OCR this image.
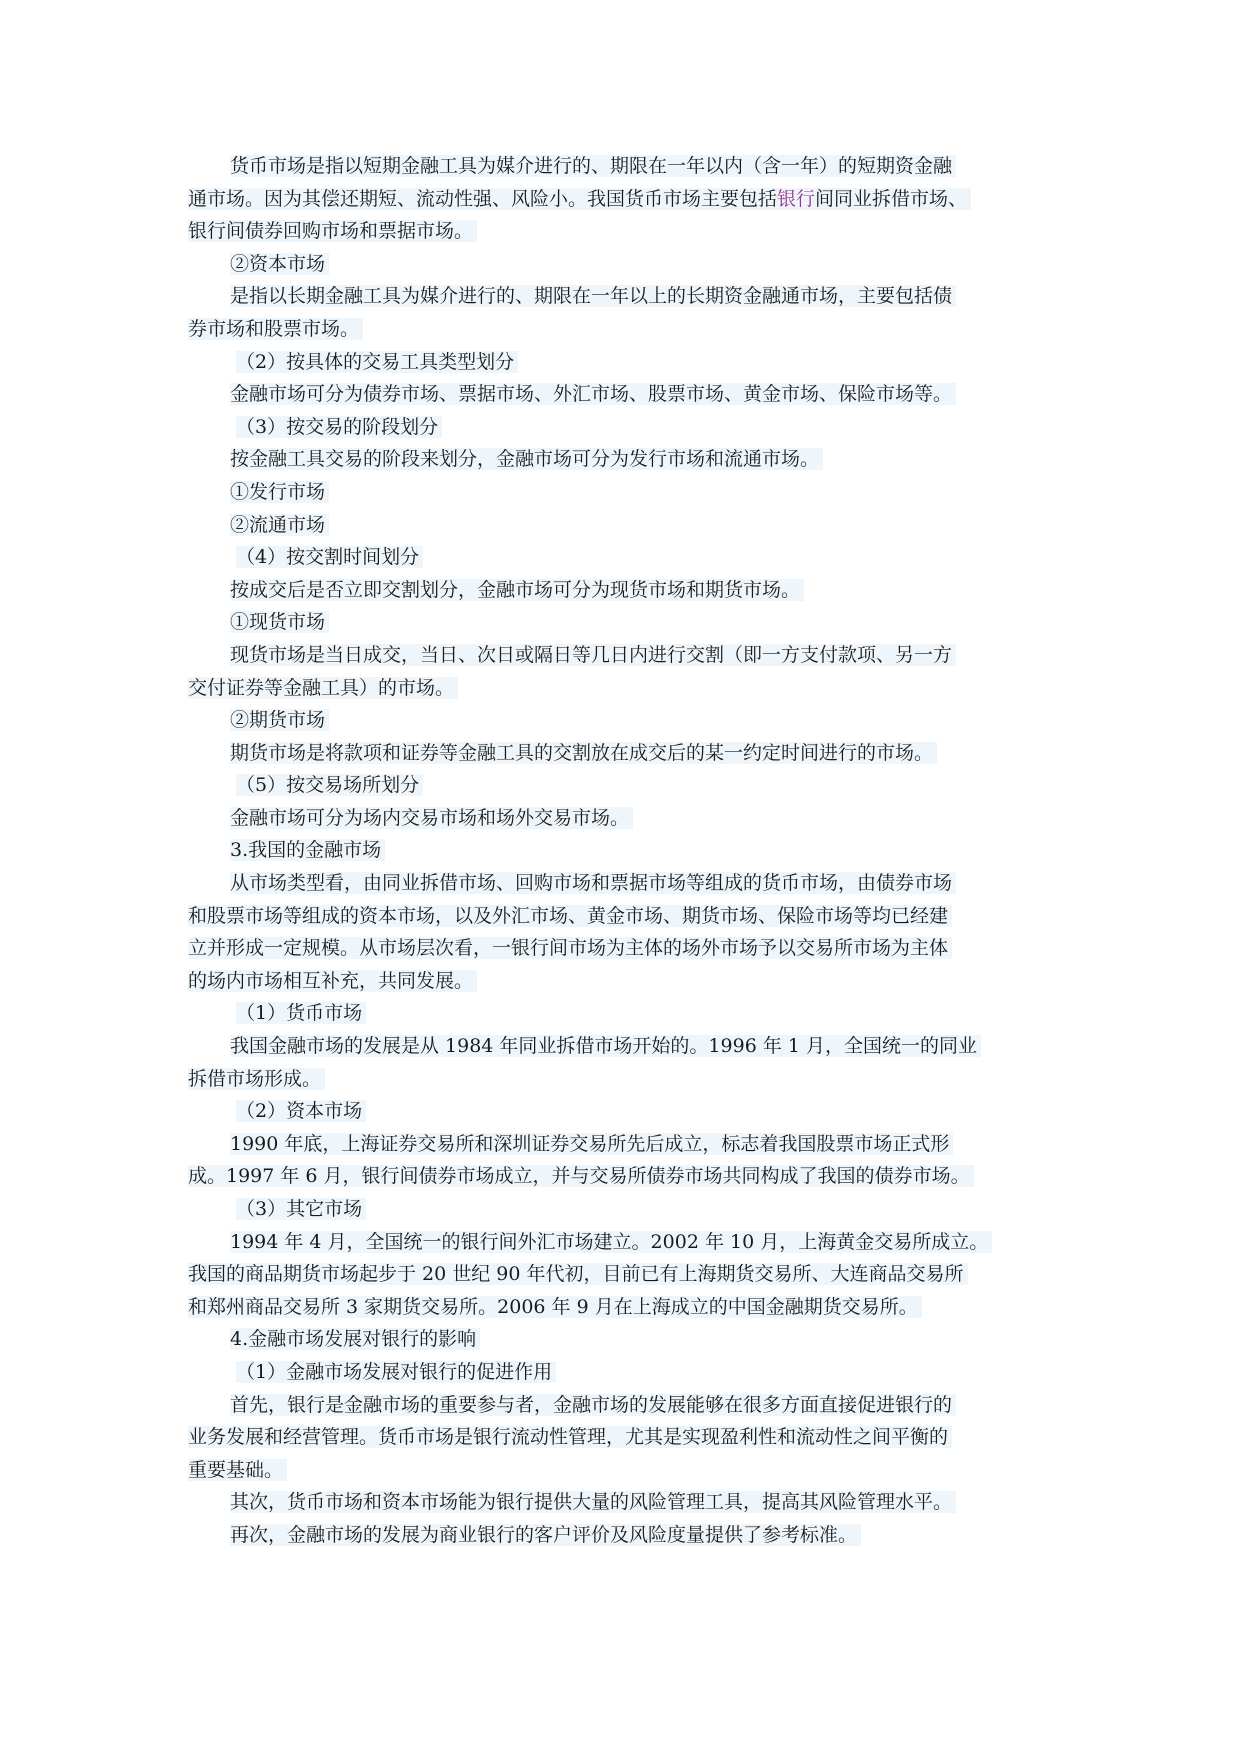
货币市场是指以短期金融工具为媒介进行的、期限在一年以内（含一年）的短期资金融
通市场。因为其偿还期短、流动性强、风险小。我国货币市场主要包括银行间同业拆借市场、
银行间债券回购市场和票据市场。
②资本市场
是指以长期金融工具为媒介进行的、期限在一年以上的长期资金融通市场，主要包括债
券市场和股票市场。
（2）按具体的交易工具类型划分
金融市场可分为债券市场、票据市场、外汇市场、股票市场、黄金市场、保险市场等。
（3）按交易的阶段划分
按金融工具交易的阶段来划分，金融市场可分为发行市场和流通市场。
①发行市场
②流通市场
（4）按交割时间划分
按成交后是否立即交割划分，金融市场可分为现货市场和期货市场。
①现货市场
现货市场是当日成交，当日、次日或隔日等几日内进行交割（即一方支付款项、另一方
交付证券等金融工具）的市场。
②期货市场
期货市场是将款项和证券等金融工具的交割放在成交后的某一约定时间进行的市场。
（5）按交易场所划分
金融市场可分为场内交易市场和场外交易市场。
3.我国的金融市场
从市场类型看，由同业拆借市场、回购市场和票据市场等组成的货币市场，由债券市场
和股票市场等组成的资本市场，以及外汇市场、黄金市场、期货市场、保险市场等均已经建
立并形成一定规模。从市场层次看，一银行间市场为主体的场外市场予以交易所市场为主体
的场内市场相互补充，共同发展。
（1）货币市场
我国金融市场的发展是从 1984 年同业拆借市场开始的。1996 年 1 月，全国统一的同业
拆借市场形成。
（2）资本市场
1990 年底，上海证券交易所和深圳证券交易所先后成立，标志着我国股票市场正式形
成。1997 年 6 月，银行间债券市场成立，并与交易所债券市场共同构成了我国的债券市场。
（3）其它市场
1994 年 4 月，全国统一的银行间外汇市场建立。2002 年 10 月，上海黄金交易所成立。
我国的商品期货市场起步于 20 世纪 90 年代初，目前已有上海期货交易所、大连商品交易所
和郑州商品交易所 3 家期货交易所。2006 年 9 月在上海成立的中国金融期货交易所。
4.金融市场发展对银行的影响
（1）金融市场发展对银行的促进作用
首先，银行是金融市场的重要参与者，金融市场的发展能够在很多方面直接促进银行的
业务发展和经营管理。货币市场是银行流动性管理，尤其是实现盈利性和流动性之间平衡的
重要基础。
其次，货币市场和资本市场能为银行提供大量的风险管理工具，提高其风险管理水平。
再次，金融市场的发展为商业银行的客户评价及风险度量提供了参考标准。
